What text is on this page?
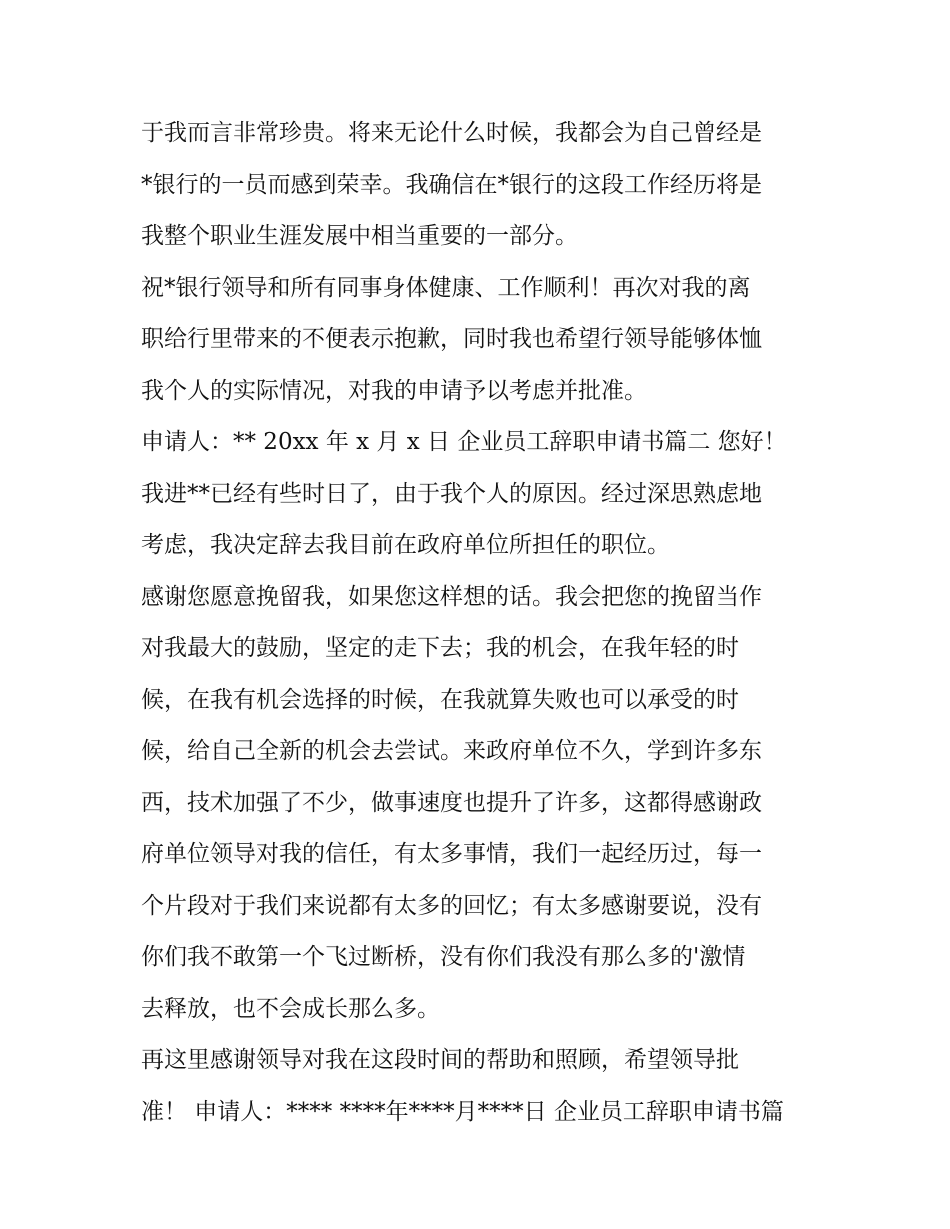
于我而言非常珍贵。将来无论什么时候，我都会为自己曾经是
*银行的一员而感到荣幸。我确信在*银行的这段工作经历将是
我整个职业生涯发展中相当重要的一部分。
祝*银行领导和所有同事身体健康、工作顺利！再次对我的离
职给行里带来的不便表示抱歉，同时我也希望行领导能够体恤
我个人的实际情况，对我的申请予以考虑并批准。
申请人：** 20xx 年 x 月 x 日 企业员工辞职申请书篇二 您好！
我进**已经有些时日了，由于我个人的原因。经过深思熟虑地
考虑，我决定辞去我目前在政府单位所担任的职位。
感谢您愿意挽留我，如果您这样想的话。我会把您的挽留当作
对我最大的鼓励，坚定的走下去；我的机会，在我年轻的时
候，在我有机会选择的时候，在我就算失败也可以承受的时
候，给自己全新的机会去尝试。来政府单位不久，学到许多东
西，技术加强了不少，做事速度也提升了许多，这都得感谢政
府单位领导对我的信任，有太多事情，我们一起经历过，每一
个片段对于我们来说都有太多的回忆；有太多感谢要说，没有
你们我不敢第一个飞过断桥，没有你们我没有那么多的'激情
去释放，也不会成长那么多。
再这里感谢领导对我在这段时间的帮助和照顾，希望领导批
准！ 申请人：**** ****年****月****日 企业员工辞职申请书篇
